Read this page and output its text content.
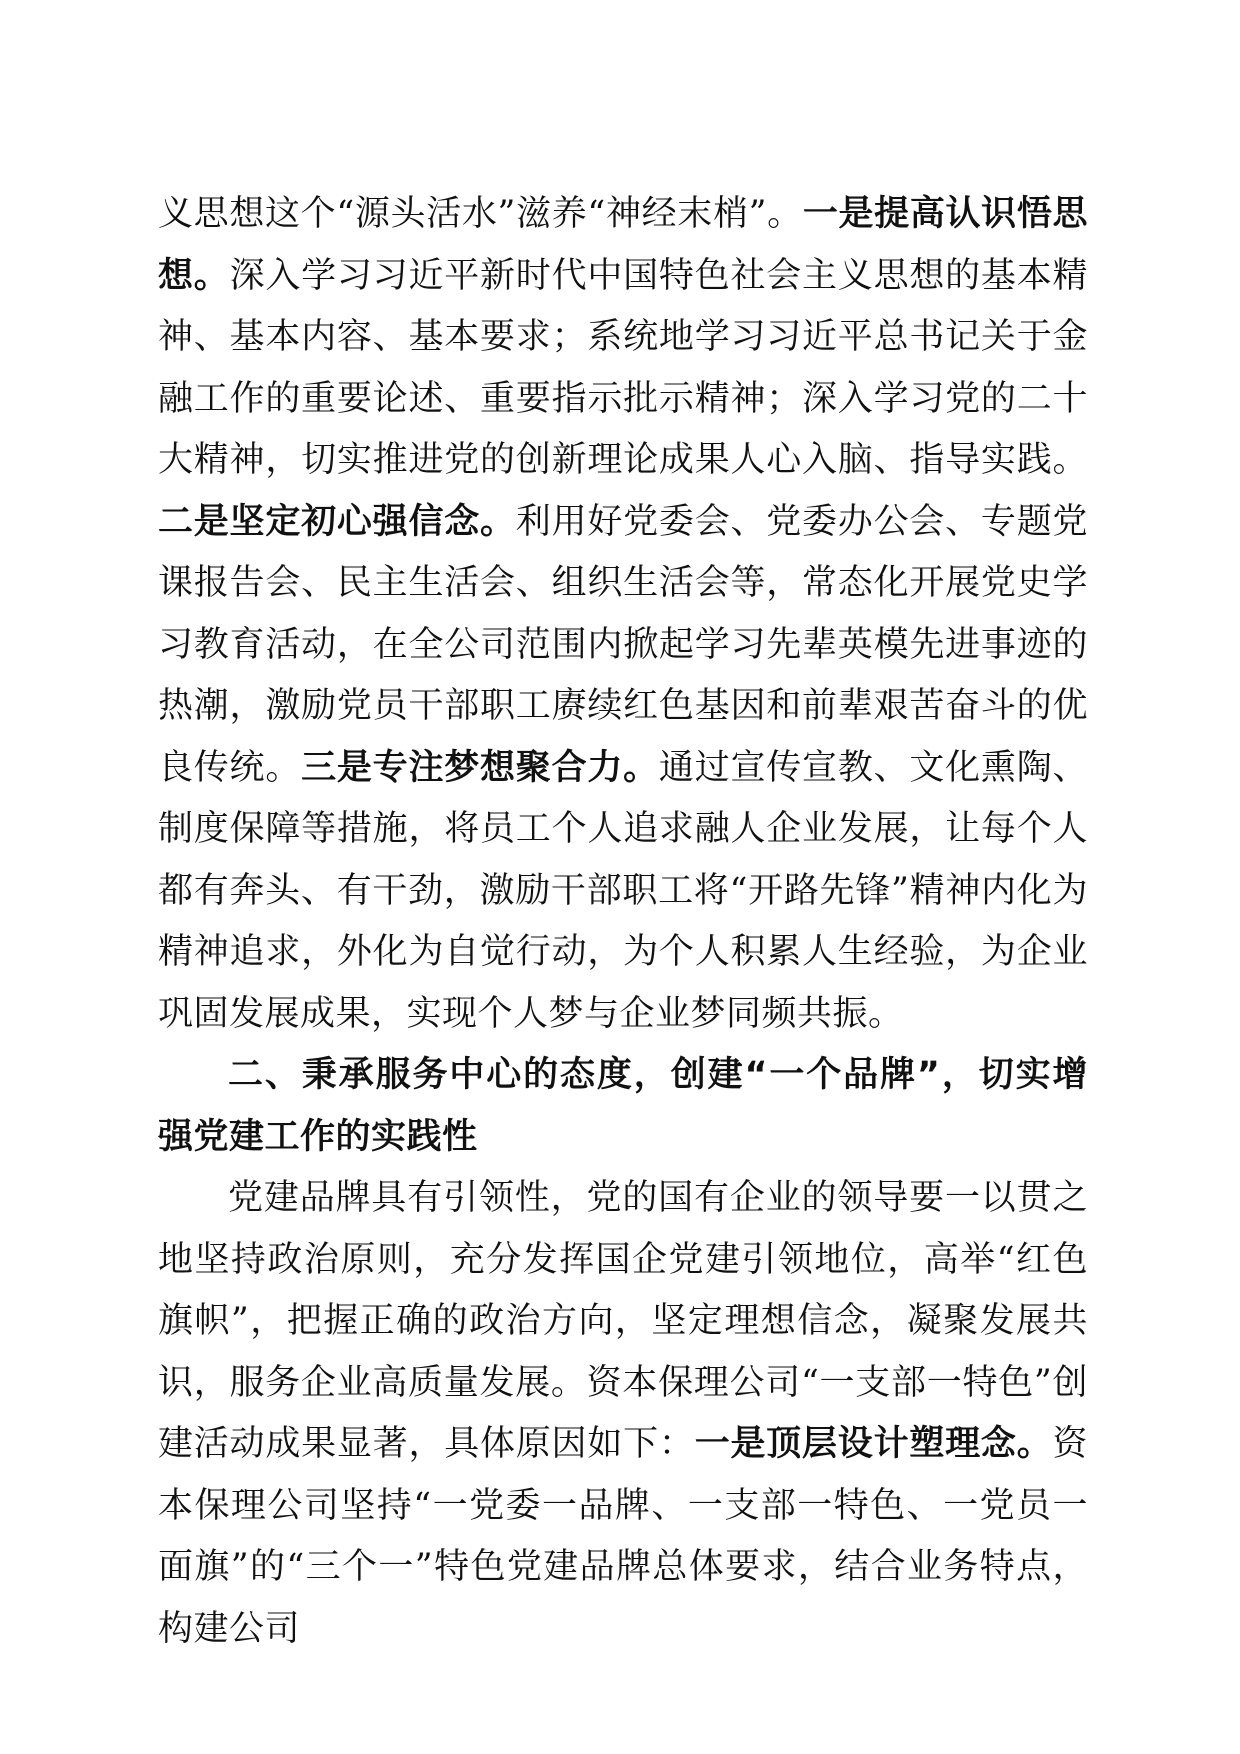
义思想这个“源头活水”滋养“神经末梢”。一是提高认识悟思想。深入学习习近平新时代中国特色社会主义思想的基本精神、基本内容、基本要求；系统地学习习近平总书记关于金融工作的重要论述、重要指示批示精神；深入学习党的二十大精神，切实推进党的创新理论成果人心入脑、指导实践。二是坚定初心强信念。利用好党委会、党委办公会、专题党课报告会、民主生活会、组织生活会等，常态化开展党史学习教育活动，在全公司范围内掀起学习先辈英模先进事迹的热潮，激励党员干部职工赓续红色基因和前辈艰苦奋斗的优良传统。三是专注梦想聚合力。通过宣传宣教、文化熏陶、制度保障等措施，将员工个人追求融人企业发展，让每个人都有奔头、有干劲，激励干部职工将“开路先锋”精神内化为精神追求，外化为自觉行动，为个人积累人生经验，为企业巩固发展成果，实现个人梦与企业梦同频共振。

二、秉承服务中心的态度，创建“一个品牌”，切实增强党建工作的实践性

党建品牌具有引领性，党的国有企业的领导要一以贯之地坚持政治原则，充分发挥国企党建引领地位，高举“红色旗帜”，把握正确的政治方向，坚定理想信念，凝聚发展共识，服务企业高质量发展。资本保理公司“一支部一特色”创建活动成果显著，具体原因如下：一是顶层设计塑理念。资本保理公司坚持“一党委一品牌、一支部一特色、一党员一面旗”的“三个一”特色党建品牌总体要求，结合业务特点，构建公司
